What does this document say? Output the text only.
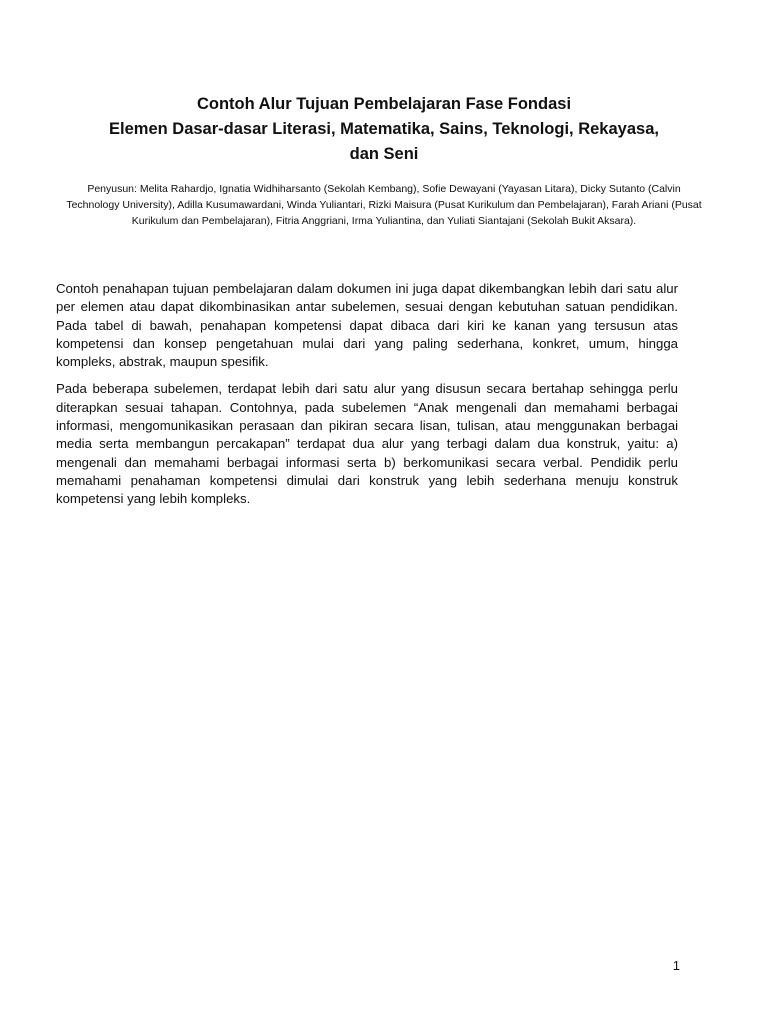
Contoh Alur Tujuan Pembelajaran Fase Fondasi
Elemen Dasar-dasar Literasi, Matematika, Sains, Teknologi, Rekayasa,
dan Seni
Penyusun: Melita Rahardjo, Ignatia Widhiharsanto (Sekolah Kembang), Sofie Dewayani (Yayasan Litara), Dicky Sutanto (Calvin Technology University), Adilla Kusumawardani, Winda Yuliantari, Rizki Maisura (Pusat Kurikulum dan Pembelajaran), Farah Ariani (Pusat Kurikulum dan Pembelajaran), Fitria Anggriani, Irma Yuliantina, dan Yuliati Siantajani (Sekolah Bukit Aksara).

Contoh penahapan tujuan pembelajaran dalam dokumen ini juga dapat dikembangkan lebih dari satu alur per elemen atau dapat dikombinasikan antar subelemen, sesuai dengan kebutuhan satuan pendidikan. Pada tabel di bawah, penahapan kompetensi dapat dibaca dari kiri ke kanan yang tersusun atas kompetensi dan konsep pengetahuan mulai dari yang paling sederhana, konkret, umum, hingga kompleks, abstrak, maupun spesifik.

Pada beberapa subelemen, terdapat lebih dari satu alur yang disusun secara bertahap sehingga perlu diterapkan sesuai tahapan. Contohnya, pada subelemen “Anak mengenali dan memahami berbagai informasi, mengomunikasikan perasaan dan pikiran secara lisan, tulisan, atau menggunakan berbagai media serta membangun percakapan” terdapat dua alur yang terbagi dalam dua konstruk, yaitu: a) mengenali dan memahami berbagai informasi serta b) berkomunikasi secara verbal. Pendidik perlu memahami penahaman kompetensi dimulai dari konstruk yang lebih sederhana menuju konstruk kompetensi yang lebih kompleks.

1
